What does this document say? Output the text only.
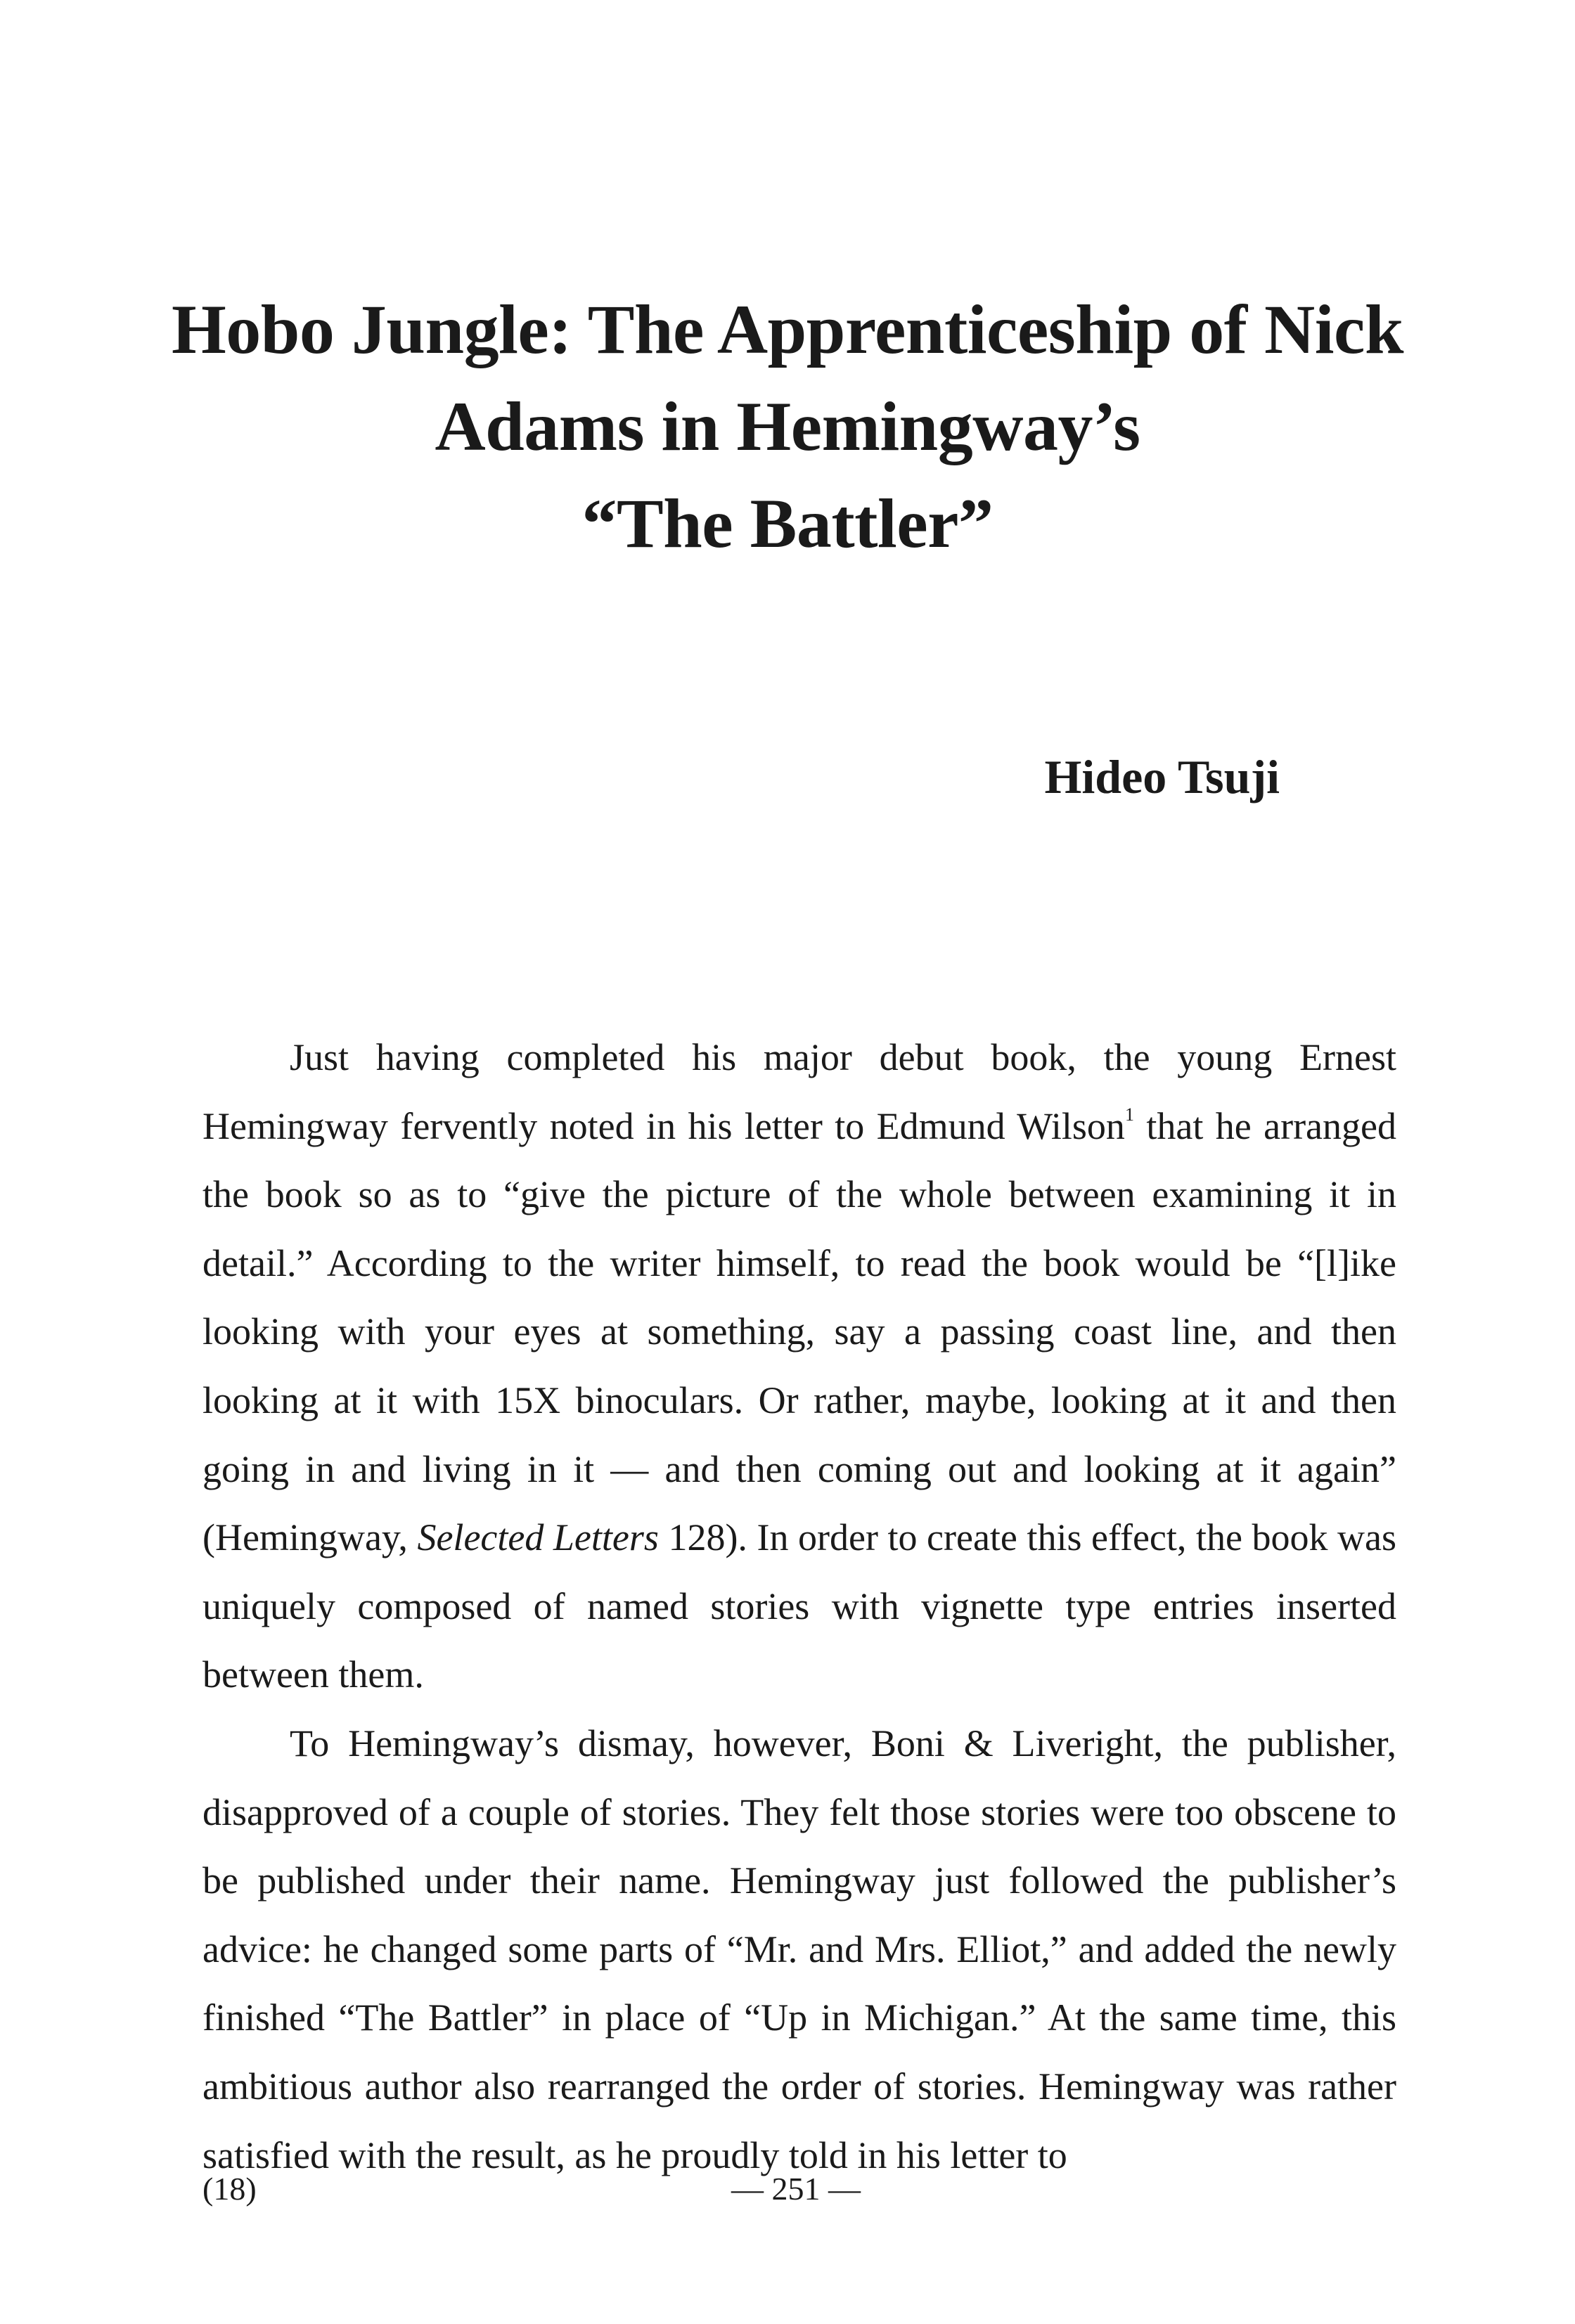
Hobo Jungle: The Apprenticeship of Nick
Adams in Hemingway’s
“The Battler”
Hideo Tsuji

Just having completed his major debut book, the young Ernest Hemingway fervently noted in his letter to Edmund Wilson$^1$ that he arranged the book so as to “give the picture of the whole between examining it in detail.” According to the writer himself, to read the book would be “[l]ike looking with your eyes at something, say a passing coast line, and then looking at it with 15X binoculars. Or rather, maybe, looking at it and then going in and living in it — and then coming out and looking at it again” (Hemingway, Selected Letters 128). In order to create this effect, the book was uniquely composed of named stories with vignette type entries inserted between them.

To Hemingway’s dismay, however, Boni & Liveright, the publisher, disapproved of a couple of stories. They felt those stories were too obscene to be published under their name. Hemingway just followed the publisher’s advice: he changed some parts of “Mr. and Mrs. Elliot,” and added the newly finished “The Battler” in place of “Up in Michigan.” At the same time, this ambitious author also rearranged the order of stories. Hemingway was rather satisfied with the result, as he proudly told in his letter to

(18)	— 251 —
